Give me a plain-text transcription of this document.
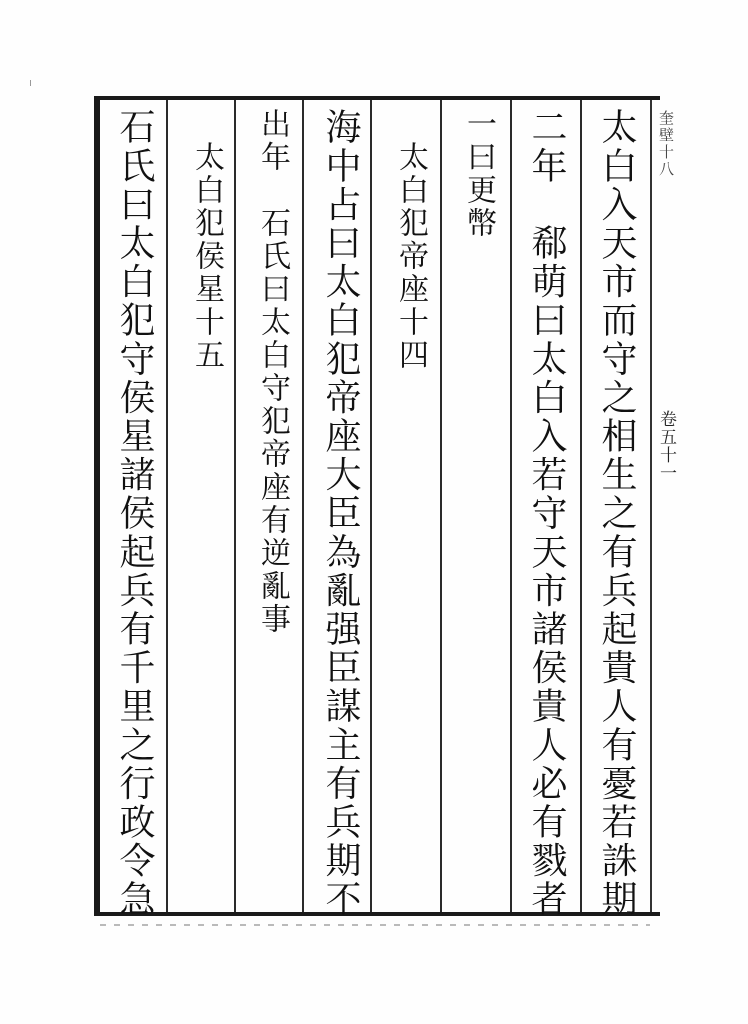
奎壁十八
卷五十一
太白入天市而守之相生之有兵起貴人有憂若誅期
二年　郗萌曰太白入若守天市諸侯貴人必有戮者
一曰更幣
　太白犯帝座十四
海中占曰太白犯帝座大臣為亂强臣謀主有兵期不
出年　石氏曰太白守犯帝座有逆亂事
　太白犯侯星十五
石氏曰太白犯守侯星諸侯起兵有千里之行政令急
